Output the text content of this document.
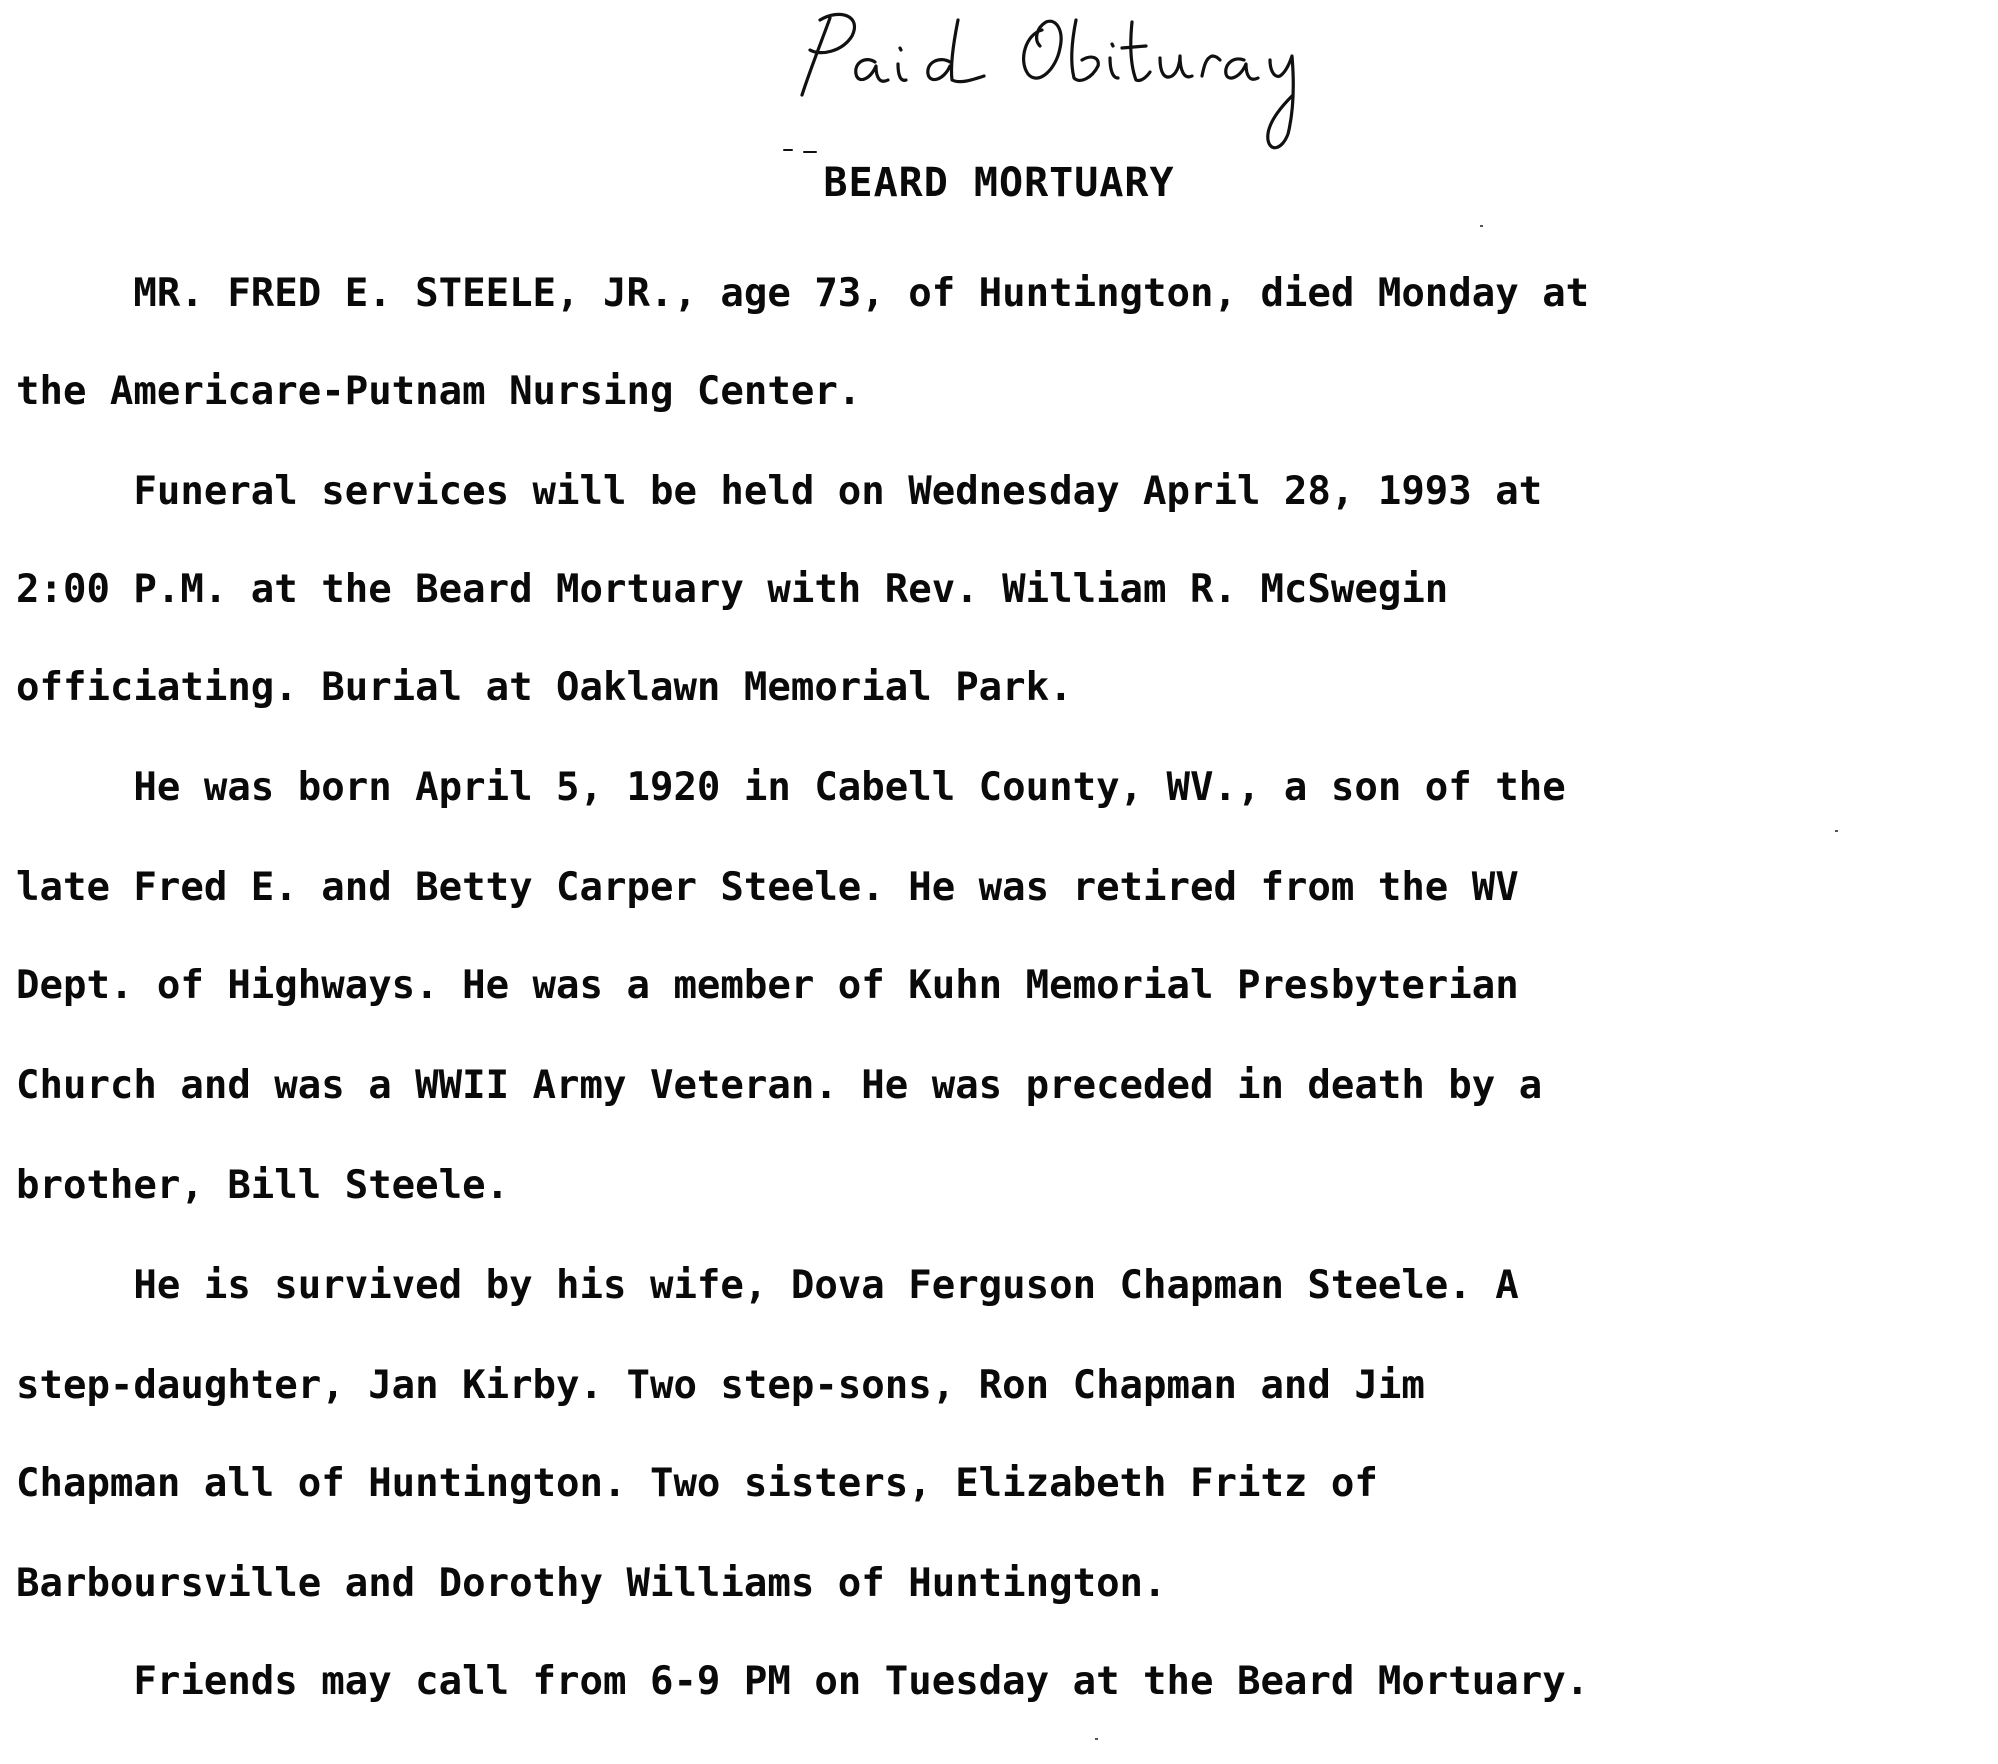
BEARD MORTUARY

MR. FRED E. STEELE, JR., age 73, of Huntington, died Monday at

the Americare-Putnam Nursing Center.

Funeral services will be held on Wednesday April 28, 1993 at

2:00 P.M. at the Beard Mortuary with Rev. William R. McSwegin

officiating. Burial at Oaklawn Memorial Park.

He was born April 5, 1920 in Cabell County, WV., a son of the

late Fred E. and Betty Carper Steele. He was retired from the WV

Dept. of Highways. He was a member of Kuhn Memorial Presbyterian

Church and was a WWII Army Veteran. He was preceded in death by a

brother, Bill Steele.

He is survived by his wife, Dova Ferguson Chapman Steele. A

step-daughter, Jan Kirby. Two step-sons, Ron Chapman and Jim

Chapman all of Huntington. Two sisters, Elizabeth Fritz of

Barboursville and Dorothy Williams of Huntington.

Friends may call from 6-9 PM on Tuesday at the Beard Mortuary.
